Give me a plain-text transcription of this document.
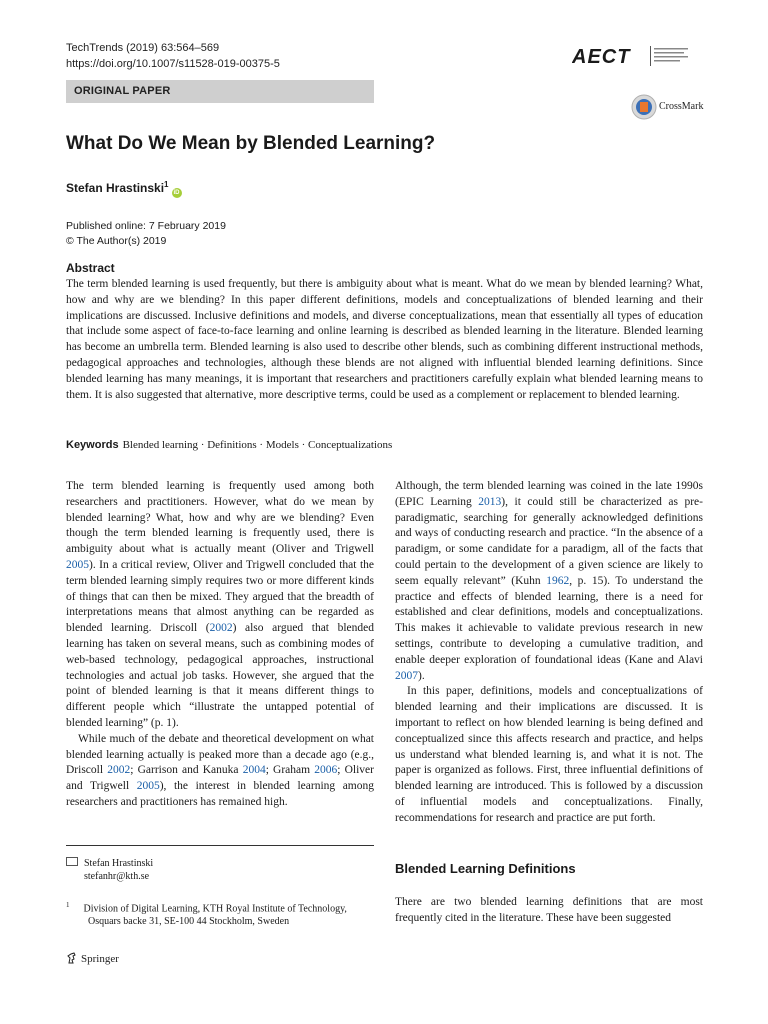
TechTrends (2019) 63:564–569
https://doi.org/10.1007/s11528-019-00375-5	AECT
ORIGINAL PAPER
CrossMark
What Do We Mean by Blended Learning?
Stefan Hrastinski$^1$iD
Published online: 7 February 2019
© The Author(s) 2019
Abstract
The term blended learning is used frequently, but there is ambiguity about what is meant. What do we mean by blended learning? What, how and why are we blending? In this paper different definitions, models and conceptualizations of blended learning and their implications are discussed. Inclusive definitions and models, and diverse conceptualizations, mean that essentially all types of education that include some aspect of face-to-face learning and online learning is described as blended learning in the literature. Blended learning has become an umbrella term. Blended learning is also used to describe other blends, such as combining different instructional methods, pedagogical approaches and technologies, although these blends are not aligned with influential blended learning definitions. Since blended learning has many meanings, it is important that researchers and practitioners carefully explain what blended learning means to them. It is also suggested that alternative, more descriptive terms, could be used as a complement or replacement to blended learning.
Keywords Blended learning · Definitions · Models · Conceptualizations

The term blended learning is frequently used among both researchers and practitioners. However, what do we mean by blended learning? What, how and why are we blending? Even though the term blended learning is frequently used, there is ambiguity about what is actually meant (Oliver and Trigwell 2005). In a critical review, Oliver and Trigwell concluded that the term blended learning simply requires two or more different kinds of things that can then be mixed. They argued that the breadth of interpretations means that almost anything can be regarded as blended learning. Driscoll (2002) also argued that blended learning has taken on several means, such as combining modes of web-based technology, pedagogical approaches, instructional technologies and actual job tasks. However, she argued that the point of blended learning is that it means different things to different people which “illustrate the untapped potential of blended learning” (p. 1).

While much of the debate and theoretical development on what blended learning actually is peaked more than a decade ago (e.g., Driscoll 2002; Garrison and Kanuka 2004; Graham 2006; Oliver and Trigwell 2005), the interest in blended learning among researchers and practitioners has remained high.

Although, the term blended learning was coined in the late 1990s (EPIC Learning 2013), it could still be characterized as pre-paradigmatic, searching for generally acknowledged definitions and ways of conducting research and practice. “In the absence of a paradigm, or some candidate for a paradigm, all of the facts that could pertain to the development of a given science are likely to seem equally relevant” (Kuhn 1962, p. 15). To understand the practice and effects of blended learning, there is a need for established and clear definitions, models and conceptualizations. This makes it achievable to validate previous research in new settings, contribute to developing a cumulative tradition, and enable deeper exploration of foundational ideas (Kane and Alavi 2007).

In this paper, definitions, models and conceptualizations of blended learning and their implications are discussed. It is important to reflect on how blended learning is being defined and conceptualized since this affects research and practice, and helps us understand what blended learning is, and what it is not. The paper is organized as follows. First, three influential definitions of blended learning are introduced. This is followed by a discussion of influential models and conceptualizations. Finally, recommendations for research and practice are put forth.

Blended Learning Definitions

There are two blended learning definitions that are most frequently cited in the literature. These have been suggested

Stefan Hrastinski
stefanhr@kth.se
$^1$ Division of Digital Learning, KTH Royal Institute of Technology,
Osquars backe 31, SE-100 44 Stockholm, Sweden
Springer
